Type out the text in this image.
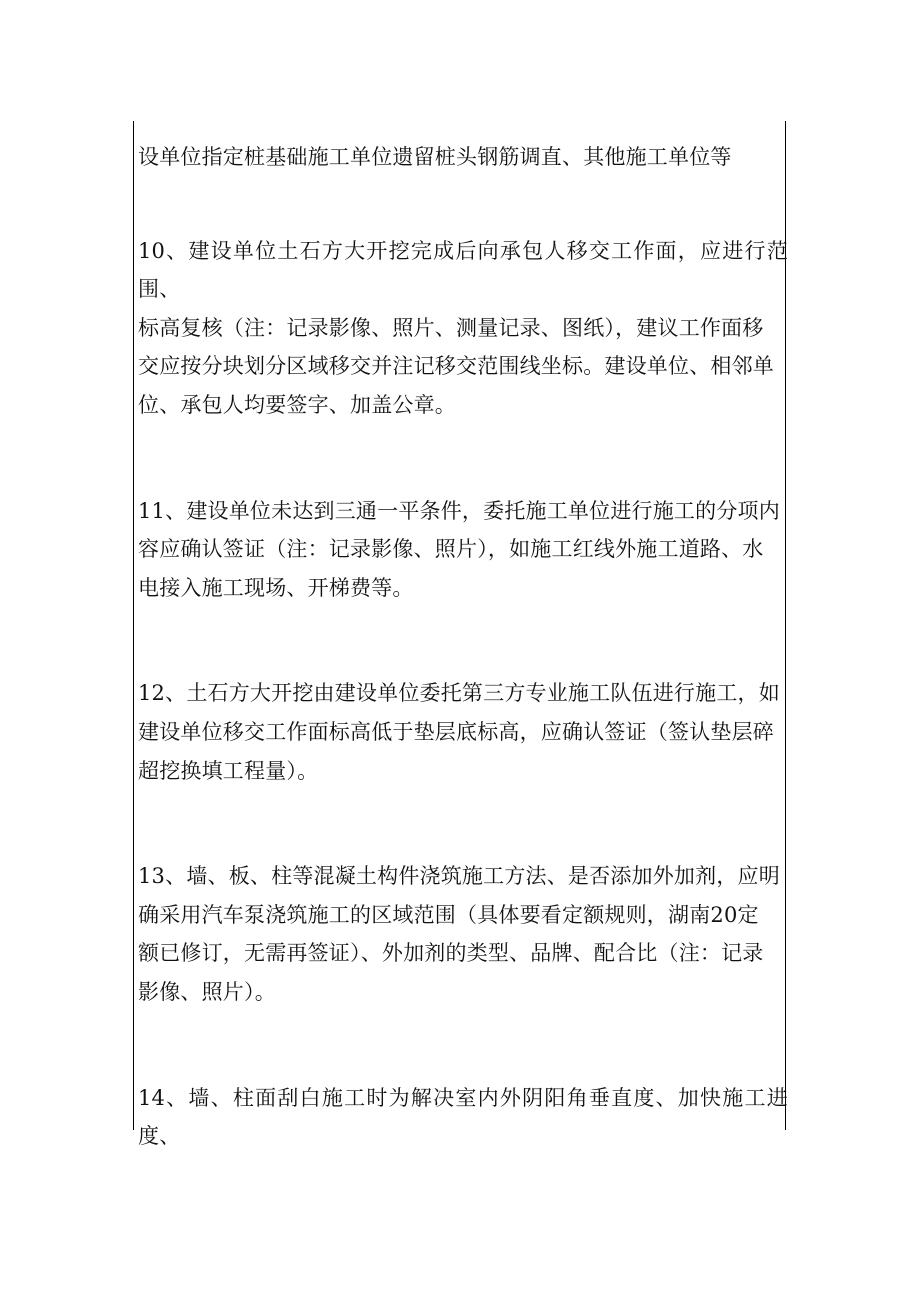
设单位指定桩基础施工单位遗留桩头钢筋调直、其他施工单位等
10、建设单位土石方大开挖完成后向承包人移交工作面，应进行范围、
标高复核（注：记录影像、照片、测量记录、图纸），建议工作面移
交应按分块划分区域移交并注记移交范围线坐标。建设单位、相邻单
位、承包人均要签字、加盖公章。
11、建设单位未达到三通一平条件，委托施工单位进行施工的分项内
容应确认签证（注：记录影像、照片），如施工红线外施工道路、水
电接入施工现场、开梯费等。
12、土石方大开挖由建设单位委托第三方专业施工队伍进行施工，如
建设单位移交工作面标高低于垫层底标高，应确认签证（签认垫层碎
超挖换填工程量）。
13、墙、板、柱等混凝土构件浇筑施工方法、是否添加外加剂，应明
确采用汽车泵浇筑施工的区域范围（具体要看定额规则，湖南20定
额已修订，无需再签证）、外加剂的类型、品牌、配合比（注：记录
影像、照片）。
14、墙、柱面刮白施工时为解决室内外阴阳角垂直度、加快施工进度、
